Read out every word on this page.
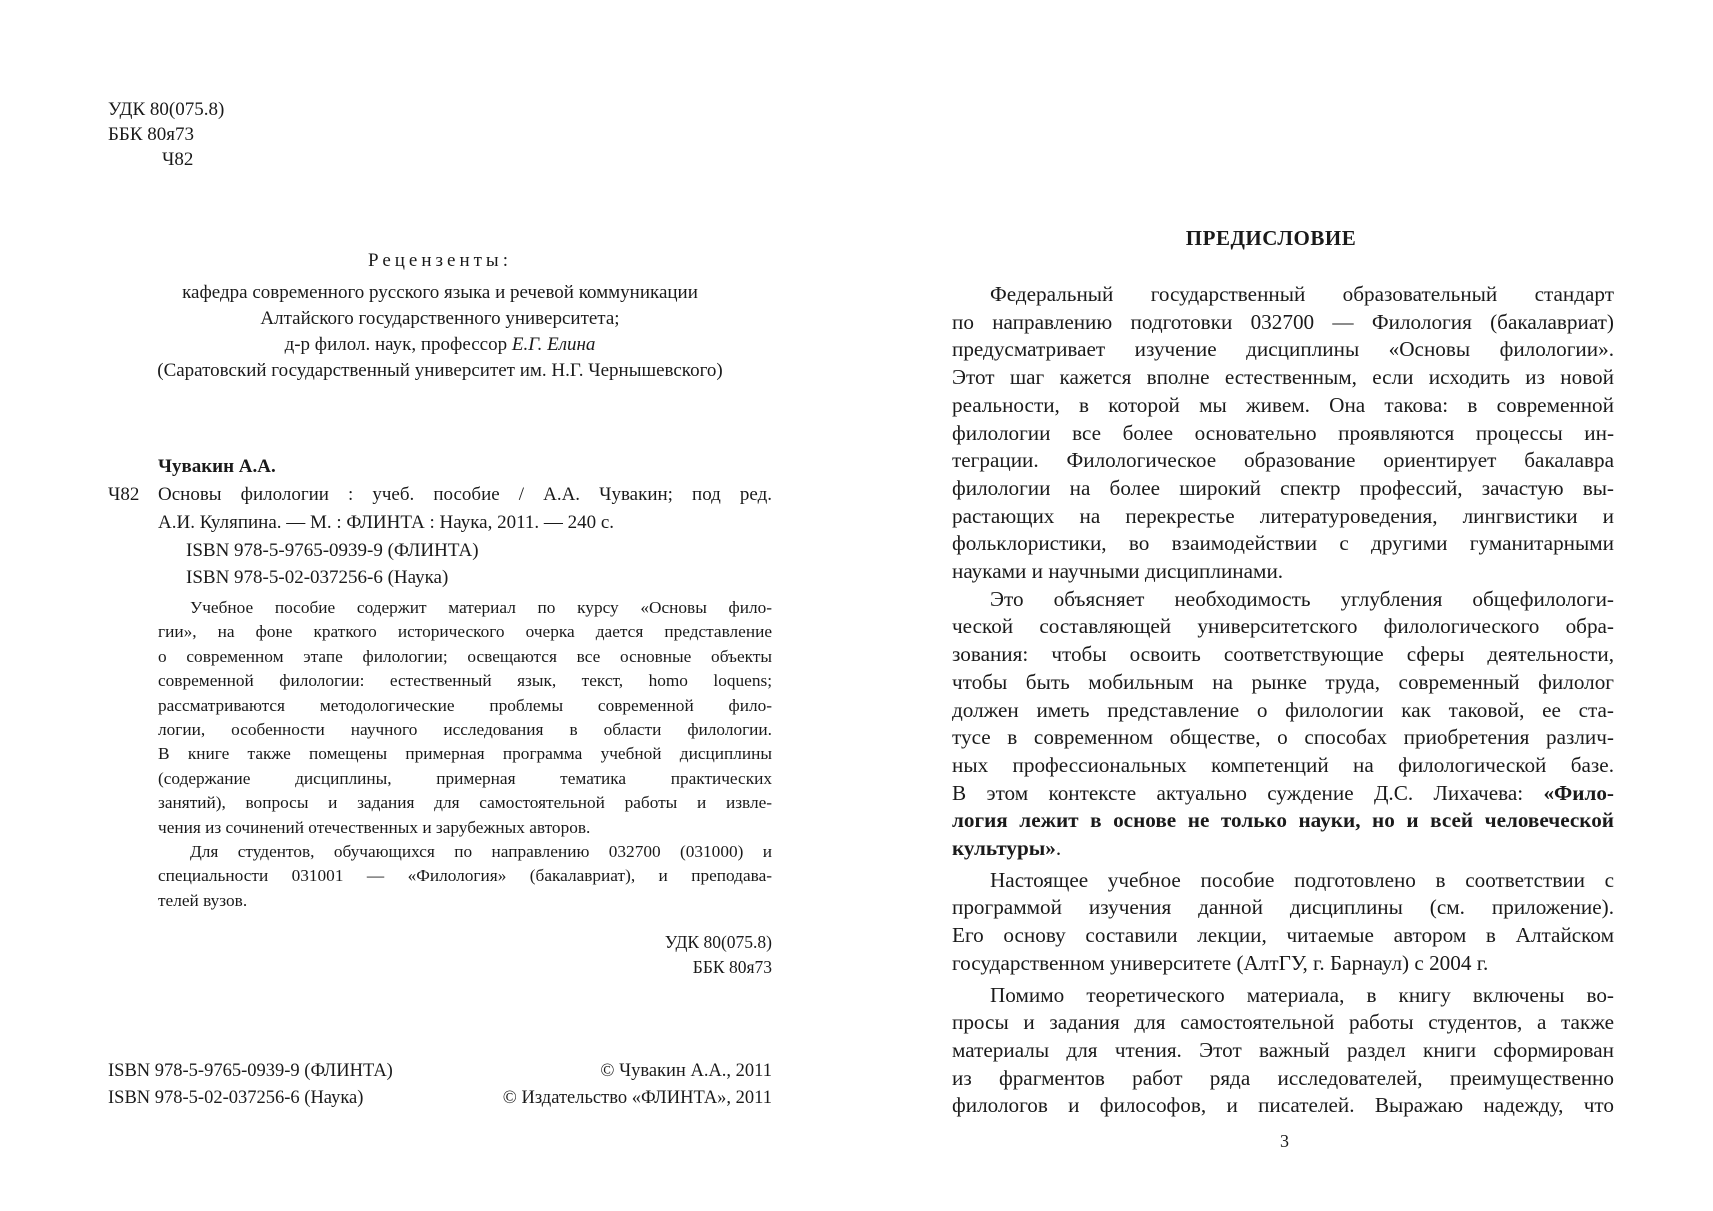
УДК 80(075.8)
ББК 80я73
Ч82
Рецензенты:
кафедра современного русского языка и речевой коммуникации
Алтайского государственного университета;
д-р филол. наук, профессор Е.Г. Елина
(Саратовский государственный университет им. Н.Г. Чернышевского)
Чувакин А.А.
Ч82 Основы филологии : учеб. пособие / А.А. Чувакин; под ред.
А.И. Куляпина. — М. : ФЛИНТА : Наука, 2011. — 240 с.
ISBN 978-5-9765-0939-9 (ФЛИНТА)
ISBN 978-5-02-037256-6 (Наука)
Учебное пособие содержит материал по курсу «Основы фило-
гии», на фоне краткого исторического очерка дается представление
о современном этапе филологии; освещаются все основные объекты
современной филологии: естественный язык, текст, homo loquens;
рассматриваются методологические проблемы современной фило-
логии, особенности научного исследования в области филологии.
В книге также помещены примерная программа учебной дисциплины
(содержание дисциплины, примерная тематика практических
занятий), вопросы и задания для самостоятельной работы и извле-
чения из сочинений отечественных и зарубежных авторов.
Для студентов, обучающихся по направлению 032700 (031000) и
специальности 031001 — «Филология» (бакалавриат), и преподава-
телей вузов.
УДК 80(075.8)
ББК 80я73
ISBN 978-5-9765-0939-9 (ФЛИНТА)	© Чувакин А.А., 2011
ISBN 978-5-02-037256-6 (Наука)	© Издательство «ФЛИНТА», 2011
ПРЕДИСЛОВИЕ
Федеральный государственный образовательный стандарт
по направлению подготовки 032700 — Филология (бакалавриат)
предусматривает изучение дисциплины «Основы филологии».
Этот шаг кажется вполне естественным, если исходить из новой
реальности, в которой мы живем. Она такова: в современной
филологии все более основательно проявляются процессы ин-
теграции. Филологическое образование ориентирует бакалавра
филологии на более широкий спектр профессий, зачастую вы-
растающих на перекрестье литературоведения, лингвистики и
фольклористики, во взаимодействии с другими гуманитарными
науками и научными дисциплинами.
Это объясняет необходимость углубления общефилологи-
ческой составляющей университетского филологического обра-
зования: чтобы освоить соответствующие сферы деятельности,
чтобы быть мобильным на рынке труда, современный филолог
должен иметь представление о филологии как таковой, ее ста-
тусе в современном обществе, о способах приобретения различ-
ных профессиональных компетенций на филологической базе.
В этом контексте актуально суждение Д.С. Лихачева: «Фило-
логия лежит в основе не только науки, но и всей человеческой
культуры».
Настоящее учебное пособие подготовлено в соответствии с
программой изучения данной дисциплины (см. приложение).
Его основу составили лекции, читаемые автором в Алтайском
государственном университете (АлтГУ, г. Барнаул) с 2004 г.
Помимо теоретического материала, в книгу включены во-
просы и задания для самостоятельной работы студентов, а также
материалы для чтения. Этот важный раздел книги сформирован
из фрагментов работ ряда исследователей, преимущественно
филологов и философов, и писателей. Выражаю надежду, что
3
